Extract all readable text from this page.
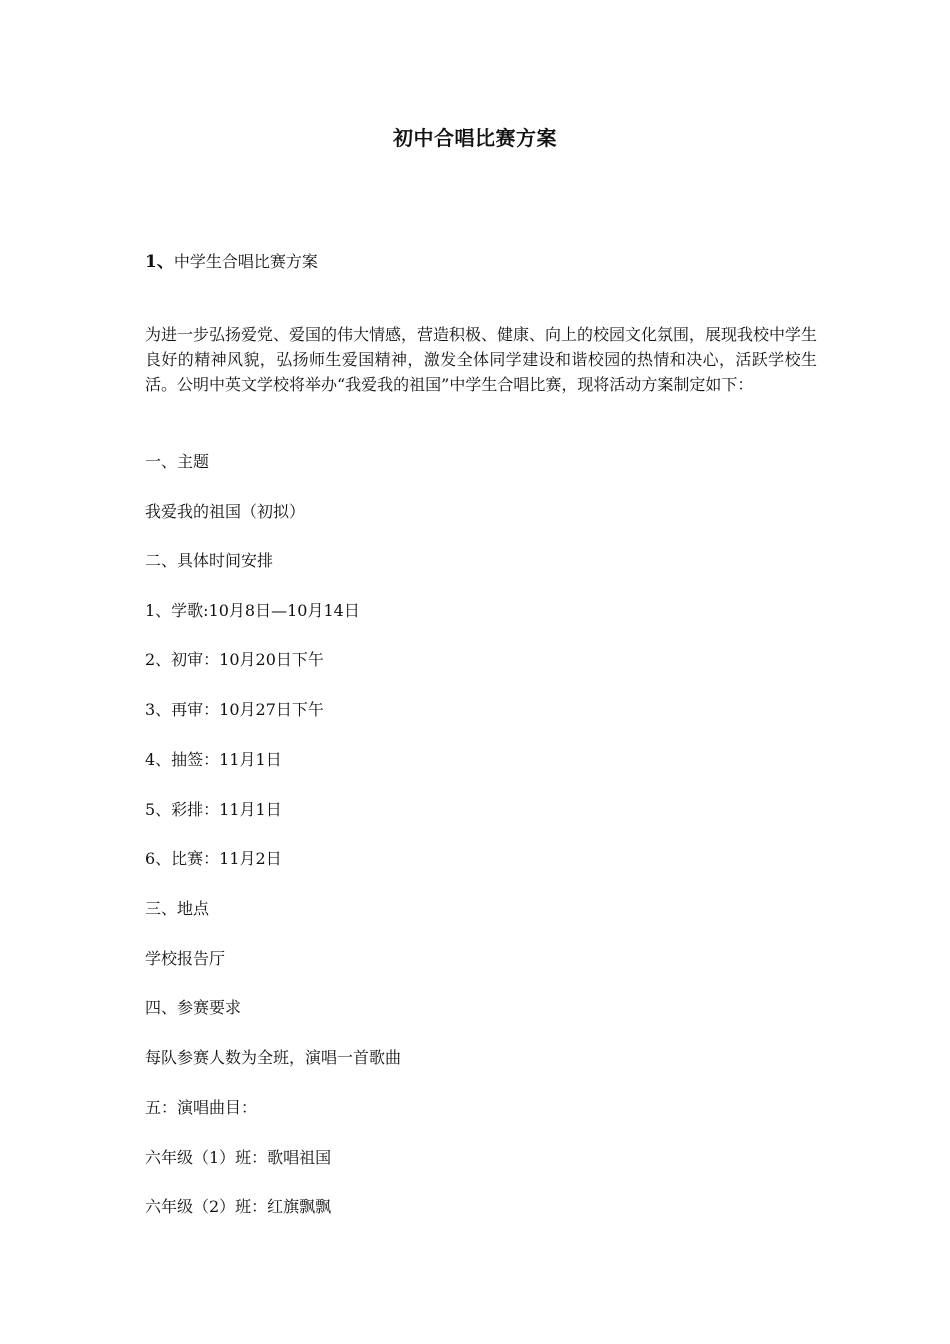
初中合唱比赛方案
1、中学生合唱比赛方案
为进一步弘扬爱党、爱国的伟大情感，营造积极、健康、向上的校园文化氛围，展现我校中学生良好的精神风貌，弘扬师生爱国精神，激发全体同学建设和谐校园的热情和决心，活跃学校生活。公明中英文学校将举办“我爱我的祖国”中学生合唱比赛，现将活动方案制定如下：
一、主题
我爱我的祖国（初拟）
二、具体时间安排
1、学歌:10月8日—10月14日
2、初审：10月20日下午
3、再审：10月27日下午
4、抽签：11月1日
5、彩排：11月1日
6、比赛：11月2日
三、地点
学校报告厅
四、参赛要求
每队参赛人数为全班，演唱一首歌曲
五：演唱曲目：
六年级（1）班：歌唱祖国
六年级（2）班：红旗飘飘
